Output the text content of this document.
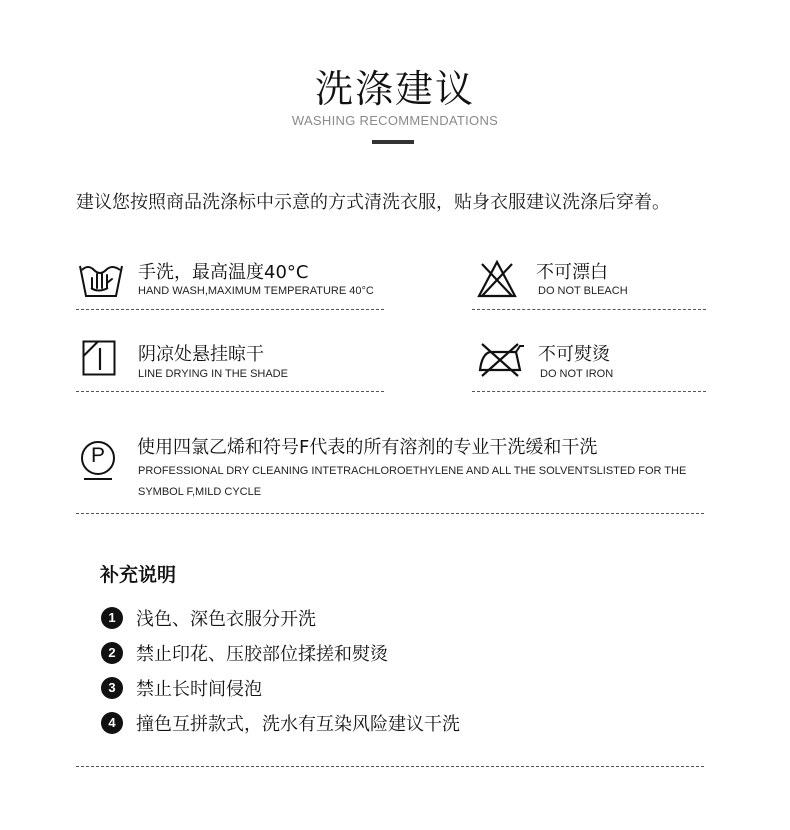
洗涤建议
WASHING RECOMMENDATIONS
建议您按照商品洗涤标中示意的方式清洗衣服，贴身衣服建议洗涤后穿着。
手洗，最高温度40°C
HAND WASH,MAXIMUM TEMPERATURE 40°C
不可漂白
DO NOT BLEACH
阴凉处悬挂晾干
LINE DRYING IN THE SHADE
不可熨烫
DO NOT IRON
P	使用四氯乙烯和符号F代表的所有溶剂的专业干洗缓和干洗
PROFESSIONAL DRY CLEANING INTETRACHLOROETHYLENE AND ALL THE SOLVENTSLISTED FOR THE
SYMBOL F,MILD CYCLE
补充说明
1	浅色、深色衣服分开洗
2	禁止印花、压胶部位揉搓和熨烫
3	禁止长时间侵泡
4	撞色互拼款式，洗水有互染风险建议干洗
